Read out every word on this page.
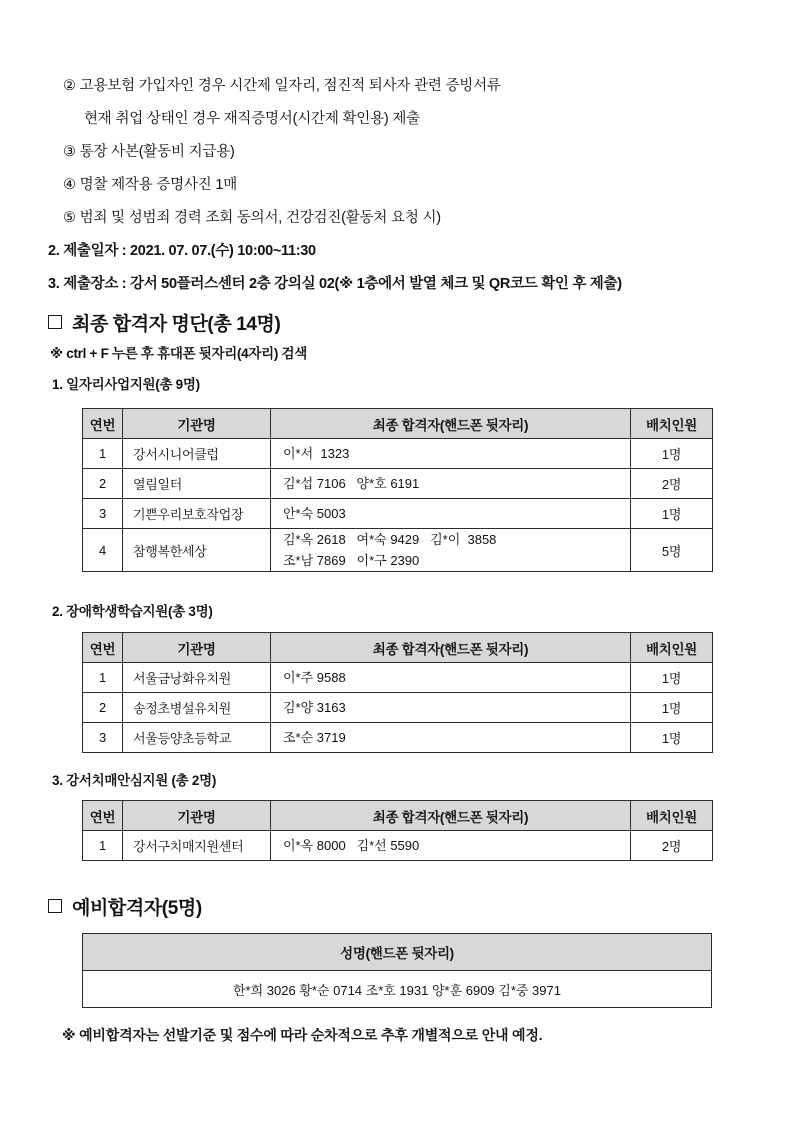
② 고용보험 가입자인 경우 시간제 일자리, 점진적 퇴사자 관련 증빙서류
현재 취업 상태인 경우 재직증명서(시간제 확인용) 제출
③ 통장 사본(활동비 지급용)
④ 명찰 제작용 증명사진 1매
⑤ 범죄 및 성범죄 경력 조회 동의서, 건강검진(활동처 요청 시)
2. 제출일자 : 2021. 07. 07.(수) 10:00~11:30
3. 제출장소 : 강서 50플러스센터 2층 강의실 02(※ 1층에서 발열 체크 및 QR코드 확인 후 제출)
최종 합격자 명단(총 14명)
※ ctrl + F 누른 후 휴대폰 뒷자리(4자리) 검색
1. 일자리사업지원(총 9명)
연번	기관명	최종 합격자(핸드폰 뒷자리)	배치인원
1	강서시니어클럽	이*서  1323	1명
2	열림일터	김*섭 7106   양*호 6191	2명
3	기쁜우리보호작업장	안*숙 5003	1명
4	참행복한세상	김*옥 2618   여*숙 9429   김*이  3858
조*남 7869   이*구 2390	5명
2. 장애학생학습지원(총 3명)
연번	기관명	최종 합격자(핸드폰 뒷자리)	배치인원
1	서울금낭화유치원	이*주 9588	1명
2	송정초병설유치원	김*양 3163	1명
3	서울등양초등학교	조*순 3719	1명
3. 강서치매안심지원 (총 2명)
연번	기관명	최종 합격자(핸드폰 뒷자리)	배치인원
1	강서구치매지원센터	이*옥 8000   김*선 5590	2명
예비합격자(5명)
성명(핸드폰 뒷자리)
한*희 3026 황*순 0714 조*호 1931 양*훈 6909 김*중 3971
※ 예비합격자는 선발기준 및 점수에 따라 순차적으로 추후 개별적으로 안내 예정.
